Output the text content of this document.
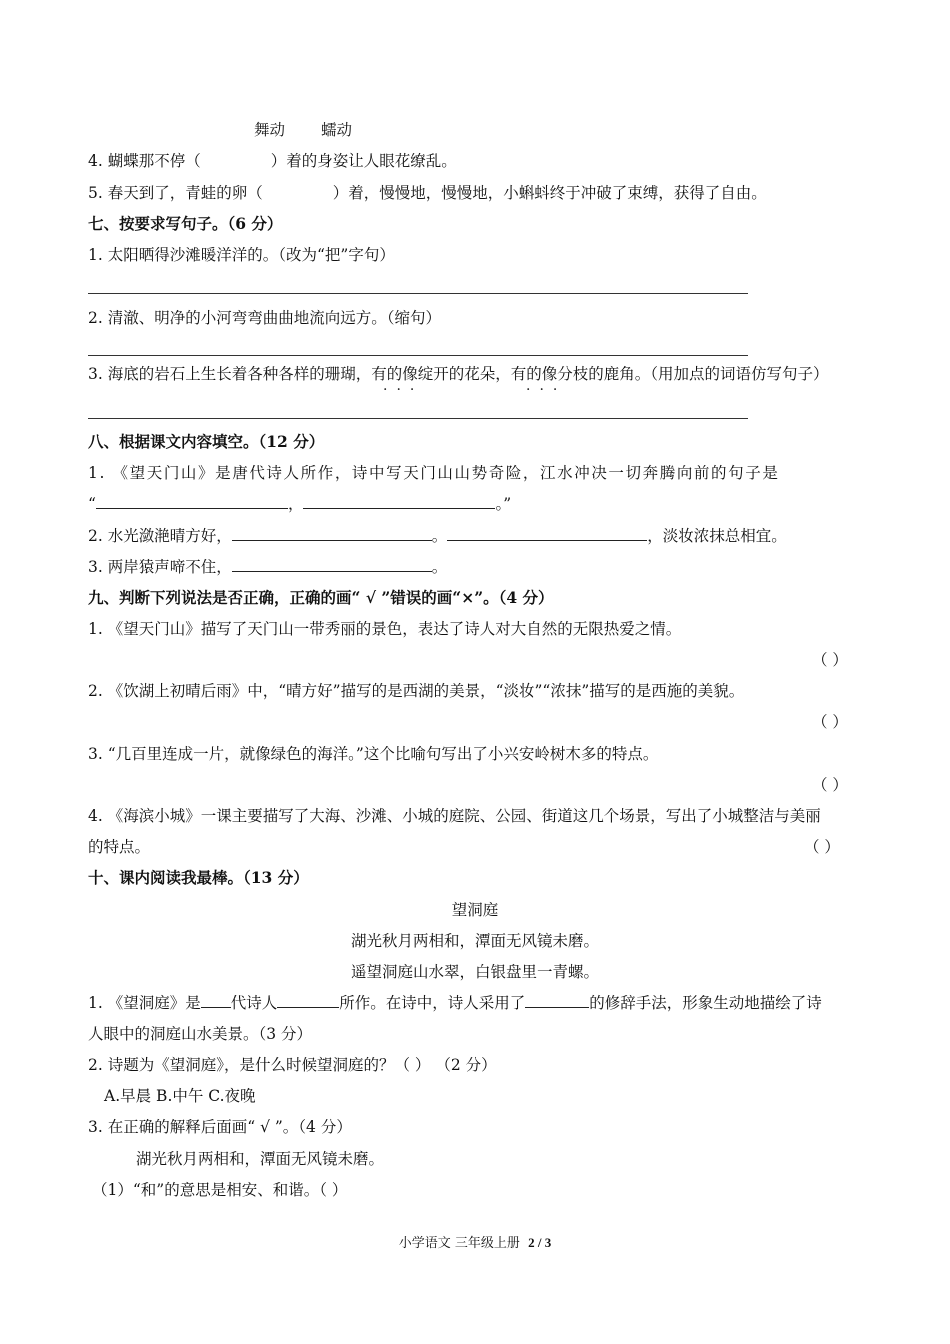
舞动 蠕动
4. 蝴蝶那不停（	）着的身姿让人眼花缭乱。
5. 春天到了，青蛙的卵（	）着，慢慢地，慢慢地，小蝌蚪终于冲破了束缚，获得了自由。
七、按要求写句子。（6 分）
1. 太阳晒得沙滩暖洋洋的。（改为“把”字句）
2. 清澈、明净的小河弯弯曲曲地流向远方。（缩句）
3. 海底的岩石上生长着各种各样的珊瑚，有的像绽开的花朵，有的像分枝的鹿角。（用加点的词语仿写句子）
···	···
八、根据课文内容填空。（12 分）
1. 《望天门山》是唐代诗人所作，诗中写天门山山势奇险，江水冲决一切奔腾向前的句子是
“	，	。”
2. 水光潋滟晴方好，	。	，淡妆浓抹总相宜。
3. 两岸猿声啼不住，	。
九、判断下列说法是否正确，正确的画“ √ ”错误的画“×”。（4 分）
1. 《望天门山》描写了天门山一带秀丽的景色，表达了诗人对大自然的无限热爱之情。
（ ）
2. 《饮湖上初晴后雨》中，“晴方好”描写的是西湖的美景，“淡妆”“浓抹”描写的是西施的美貌。
（ ）
3. “几百里连成一片，就像绿色的海洋。”这个比喻句写出了小兴安岭树木多的特点。
（ ）
4. 《海滨小城》一课主要描写了大海、沙滩、小城的庭院、公园、街道这几个场景，写出了小城整洁与美丽
的特点。	（ ）
十、课内阅读我最棒。（13 分）
望洞庭
湖光秋月两相和，潭面无风镜未磨。
遥望洞庭山水翠，白银盘里一青螺。
1. 《望洞庭》是 代诗人	所作。在诗中，诗人采用了	的修辞手法，形象生动地描绘了诗
人眼中的洞庭山水美景。（3 分）
2. 诗题为《望洞庭》，是什么时候望洞庭的？（ ） （2 分）
A.早晨 B.中午 C.夜晚
3. 在正确的解释后面画“ √ ”。（4 分）
湖光秋月两相和，潭面无风镜未磨。
（1）“和”的意思是相安、和谐。（ ）
小学语文 三年级上册 2 / 3
